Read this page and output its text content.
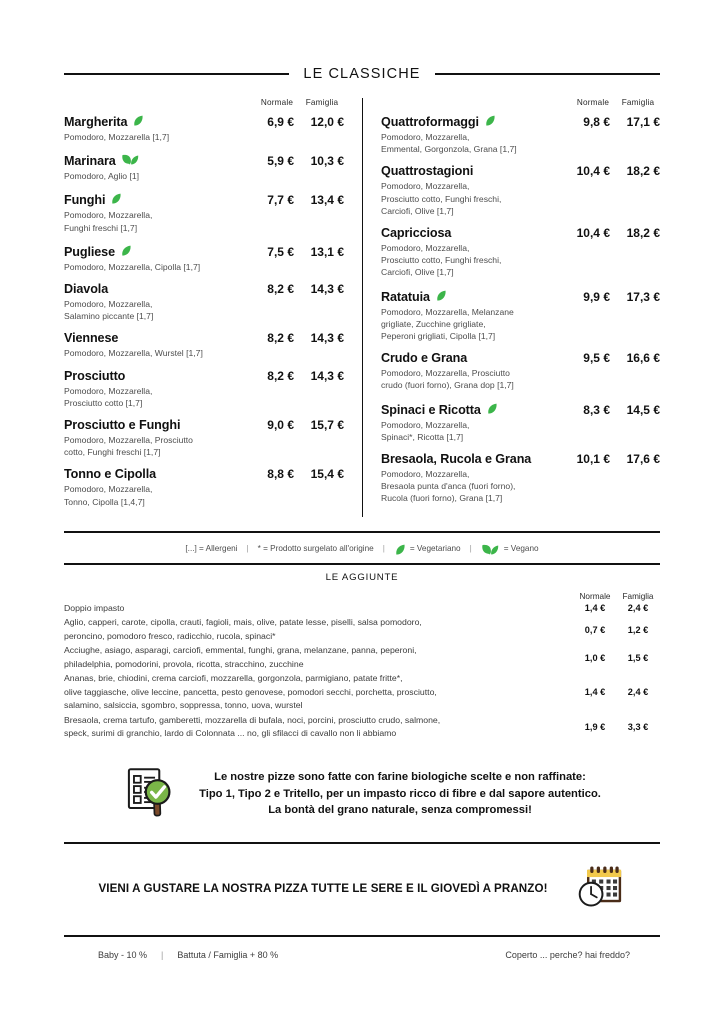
LE CLASSICHE
Normale	Famiglia
Margherita	6,9 €	12,0 €
Pomodoro, Mozzarella [1,7]
Marinara	5,9 €	10,3 €
Pomodoro, Aglio [1]
Funghi	7,7 €	13,4 €
Pomodoro, Mozzarella,
Funghi freschi [1,7]
Pugliese	7,5 €	13,1 €
Pomodoro, Mozzarella, Cipolla [1,7]
Diavola	8,2 €	14,3 €
Pomodoro, Mozzarella,
Salamino piccante [1,7]
Viennese	8,2 €	14,3 €
Pomodoro, Mozzarella, Wurstel [1,7]
Prosciutto	8,2 €	14,3 €
Pomodoro, Mozzarella,
Prosciutto cotto [1,7]
Prosciutto e Funghi	9,0 €	15,7 €
Pomodoro, Mozzarella, Prosciutto
cotto, Funghi freschi [1,7]
Tonno e Cipolla	8,8 €	15,4 €
Pomodoro, Mozzarella,
Tonno, Cipolla [1,4,7]
Normale	Famiglia
Quattroformaggi	9,8 €	17,1 €
Pomodoro, Mozzarella,
Emmental, Gorgonzola, Grana [1,7]
Quattrostagioni	10,4 €	18,2 €
Pomodoro, Mozzarella,
Prosciutto cotto, Funghi freschi,
Carciofi, Olive [1,7]
Capricciosa	10,4 €	18,2 €
Pomodoro, Mozzarella,
Prosciutto cotto, Funghi freschi,
Carciofi, Olive [1,7]
Ratatuia	9,9 €	17,3 €
Pomodoro, Mozzarella, Melanzane
grigliate, Zucchine grigliate,
Peperoni grigliati, Cipolla [1,7]
Crudo e Grana	9,5 €	16,6 €
Pomodoro, Mozzarella, Prosciutto
crudo (fuori forno), Grana dop [1,7]
Spinaci e Ricotta	8,3 €	14,5 €
Pomodoro, Mozzarella,
Spinaci*, Ricotta [1,7]
Bresaola, Rucola e Grana	10,1 €	17,6 €
Pomodoro, Mozzarella,
Bresaola punta d'anca (fuori forno),
Rucola (fuori forno), Grana [1,7]
[...] = Allergeni | * = Prodotto surgelato all'origine |	= Vegetariano |	= Vegano
LE AGGIUNTE

Normale	Famiglia
Doppio impasto	1,4 €	2,4 €
Aglio, capperi, carote, cipolla, crauti, fagioli, mais, olive, patate lesse, piselli, salsa pomodoro,
peroncino, pomodoro fresco, radicchio, rucola, spinaci*
0,7 €	1,2 €
Acciughe, asiago, asparagi, carciofi, emmental, funghi, grana, melanzane, panna, peperoni,
philadelphia, pomodorini, provola, ricotta, stracchino, zucchine
1,0 €	1,5 €
Ananas, brie, chiodini, crema carciofi, mozzarella, gorgonzola, parmigiano, patate fritte*,
olive taggiasche, olive leccine, pancetta, pesto genovese, pomodori secchi, porchetta, prosciutto,
salamino, salsiccia, sgombro, soppressa, tonno, uova, wurstel
1,4 €	2,4 €
Bresaola, crema tartufo, gamberetti, mozzarella di bufala, noci, porcini, prosciutto crudo, salmone,
speck, surimi di granchio, lardo di Colonnata ... no, gli sfilacci di cavallo non li abbiamo
1,9 €	3,3 €
Le nostre pizze sono fatte con farine biologiche scelte e non raffinate:
Tipo 1, Tipo 2 e Tritello, per un impasto ricco di fibre e dal sapore autentico.
La bontà del grano naturale, senza compromessi!
VIENI A GUSTARE LA NOSTRA PIZZA TUTTE LE SERE E IL GIOVEDÌ A PRANZO!
Baby - 10 % | Battuta / Famiglia + 80 %	Coperto ... perche? hai freddo?
